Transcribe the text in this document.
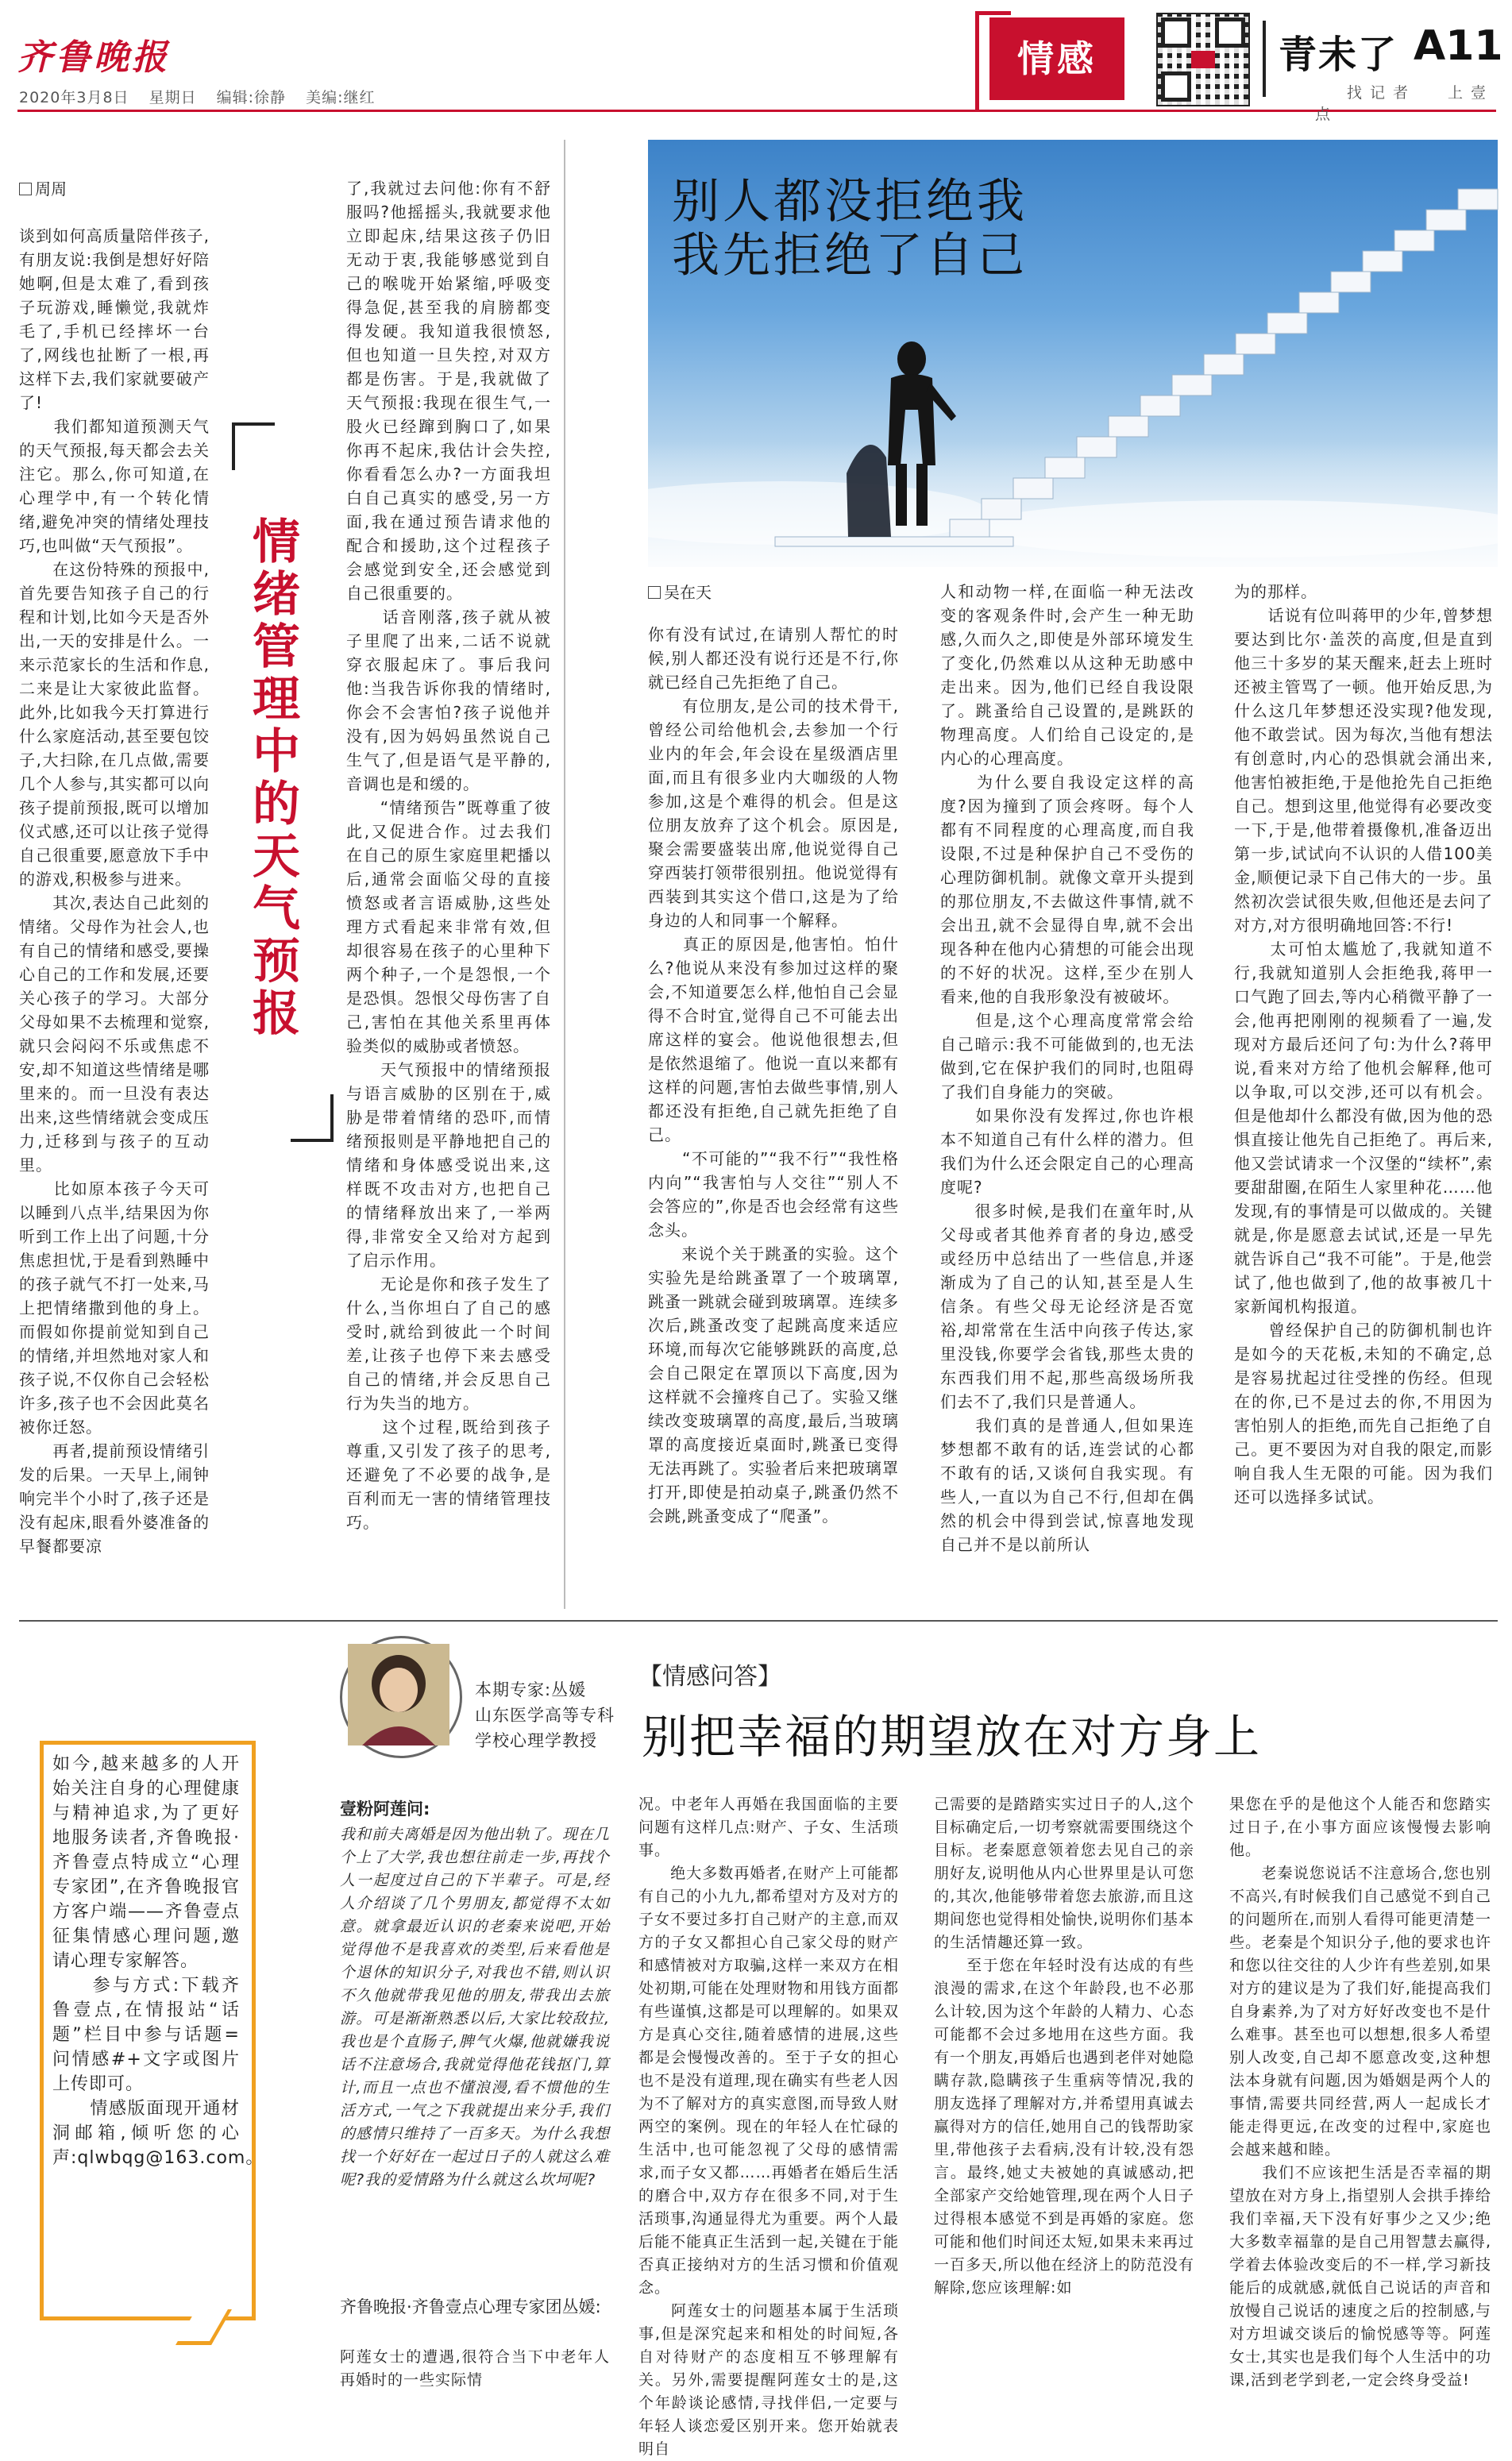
齐鲁晚报
2020年3月8日 星期日 编辑:徐静 美编:继红
情感	青未了 A11
找记者 上壹点
周周

谈到如何高质量陪伴孩子,有朋友说:我倒是想好好陪她啊,但是太难了,看到孩子玩游戏,睡懒觉,我就炸毛了,手机已经摔坏一台了,网线也扯断了一根,再这样下去,我们家就要破产了!
　　我们都知道预测天气的天气预报,每天都会去关注它。那么,你可知道,在心理学中,有一个转化情绪,避免冲突的情绪处理技巧,也叫做“天气预报”。
　　在这份特殊的预报中,首先要告知孩子自己的行程和计划,比如今天是否外出,一天的安排是什么。一来示范家长的生活和作息,二来是让大家彼此监督。此外,比如我今天打算进行什么家庭活动,甚至要包饺子,大扫除,在几点做,需要几个人参与,其实都可以向孩子提前预报,既可以增加仪式感,还可以让孩子觉得自己很重要,愿意放下手中的游戏,积极参与进来。
　　其次,表达自己此刻的情绪。父母作为社会人,也有自己的情绪和感受,要操心自己的工作和发展,还要关心孩子的学习。大部分父母如果不去梳理和觉察,就只会闷闷不乐或焦虑不安,却不知道这些情绪是哪里来的。而一旦没有表达出来,这些情绪就会变成压力,迁移到与孩子的互动里。
　　比如原本孩子今天可以睡到八点半,结果因为你听到工作上出了问题,十分焦虑担忧,于是看到熟睡中的孩子就气不打一处来,马上把情绪撒到他的身上。而假如你提前觉知到自己的情绪,并坦然地对家人和孩子说,不仅你自己会轻松许多,孩子也不会因此莫名被你迁怒。
　　再者,提前预设情绪引发的后果。一天早上,闹钟响完半个小时了,孩子还是没有起床,眼看外婆准备的早餐都要凉

情绪管理中的天气预报

了,我就过去问他:你有不舒服吗?他摇摇头,我就要求他立即起床,结果这孩子仍旧无动于衷,我能够感觉到自己的喉咙开始紧缩,呼吸变得急促,甚至我的肩膀都变得发硬。我知道我很愤怒,但也知道一旦失控,对双方都是伤害。于是,我就做了天气预报:我现在很生气,一股火已经蹿到胸口了,如果你再不起床,我估计会失控,你看看怎么办?一方面我坦白自己真实的感受,另一方面,我在通过预告请求他的配合和援助,这个过程孩子会感觉到安全,还会感觉到自己很重要的。
　　话音刚落,孩子就从被子里爬了出来,二话不说就穿衣服起床了。事后我问他:当我告诉你我的情绪时,你会不会害怕?孩子说他并没有,因为妈妈虽然说自己生气了,但是语气是平静的,音调也是和缓的。
　　“情绪预告”既尊重了彼此,又促进合作。过去我们在自己的原生家庭里耙播以后,通常会面临父母的直接愤怒或者言语威胁,这些处理方式看起来非常有效,但却很容易在孩子的心里种下两个种子,一个是怨恨,一个是恐惧。怨恨父母伤害了自己,害怕在其他关系里再体验类似的威胁或者愤怒。
　　天气预报中的情绪预报与语言威胁的区别在于,威胁是带着情绪的恐吓,而情绪预报则是平静地把自己的情绪和身体感受说出来,这样既不攻击对方,也把自己的情绪释放出来了,一举两得,非常安全又给对方起到了启示作用。
　　无论是你和孩子发生了什么,当你坦白了自己的感受时,就给到彼此一个时间差,让孩子也停下来去感受自己的情绪,并会反思自己行为失当的地方。
　　这个过程,既给到孩子尊重,又引发了孩子的思考,还避免了不必要的战争,是百利而无一害的情绪管理技巧。

别人都没拒绝我
我先拒绝了自己
吴在天

你有没有试过,在请别人帮忙的时候,别人都还没有说行还是不行,你就已经自己先拒绝了自己。
　　有位朋友,是公司的技术骨干,曾经公司给他机会,去参加一个行业内的年会,年会设在星级酒店里面,而且有很多业内大咖级的人物参加,这是个难得的机会。但是这位朋友放弃了这个机会。原因是,聚会需要盛装出席,他说觉得自己穿西装打领带很别扭。他说觉得有西装到其实这个借口,这是为了给身边的人和同事一个解释。
　　真正的原因是,他害怕。怕什么?他说从来没有参加过这样的聚会,不知道要怎么样,他怕自己会显得不合时宜,觉得自己不可能去出席这样的宴会。他说他很想去,但是依然退缩了。他说一直以来都有这样的问题,害怕去做些事情,别人都还没有拒绝,自己就先拒绝了自己。
　　“不可能的”“我不行”“我性格内向”“我害怕与人交往”“别人不会答应的”,你是否也会经常有这些念头。
　　来说个关于跳蚤的实验。这个实验先是给跳蚤罩了一个玻璃罩,跳蚤一跳就会碰到玻璃罩。连续多次后,跳蚤改变了起跳高度来适应环境,而每次它能够跳跃的高度,总会自己限定在罩顶以下高度,因为这样就不会撞疼自己了。实验又继续改变玻璃罩的高度,最后,当玻璃罩的高度接近桌面时,跳蚤已变得无法再跳了。实验者后来把玻璃罩打开,即使是拍动桌子,跳蚤仍然不会跳,跳蚤变成了“爬蚤”。

人和动物一样,在面临一种无法改变的客观条件时,会产生一种无助感,久而久之,即使是外部环境发生了变化,仍然难以从这种无助感中走出来。因为,他们已经自我设限了。跳蚤给自己设置的,是跳跃的物理高度。人们给自己设定的,是内心的心理高度。
　　为什么要自我设定这样的高度?因为撞到了顶会疼呀。每个人都有不同程度的心理高度,而自我设限,不过是种保护自己不受伤的心理防御机制。就像文章开头提到的那位朋友,不去做这件事情,就不会出丑,就不会显得自卑,就不会出现各种在他内心猜想的可能会出现的不好的状况。这样,至少在别人看来,他的自我形象没有被破坏。
　　但是,这个心理高度常常会给自己暗示:我不可能做到的,也无法做到,它在保护我们的同时,也阻碍了我们自身能力的突破。
　　如果你没有发挥过,你也许根本不知道自己有什么样的潜力。但我们为什么还会限定自己的心理高度呢?
　　很多时候,是我们在童年时,从父母或者其他养育者的身边,感受或经历中总结出了一些信息,并逐渐成为了自己的认知,甚至是人生信条。有些父母无论经济是否宽裕,却常常在生活中向孩子传达,家里没钱,你要学会省钱,那些太贵的东西我们用不起,那些高级场所我们去不了,我们只是普通人。
　　我们真的是普通人,但如果连梦想都不敢有的话,连尝试的心都不敢有的话,又谈何自我实现。有些人,一直以为自己不行,但却在偶然的机会中得到尝试,惊喜地发现自己并不是以前所认

为的那样。
　　话说有位叫蒋甲的少年,曾梦想要达到比尔·盖茨的高度,但是直到他三十多岁的某天醒来,赶去上班时还被主管骂了一顿。他开始反思,为什么这几年梦想还没实现?他发现,他不敢尝试。因为每次,当他有想法有创意时,内心的恐惧就会涌出来,他害怕被拒绝,于是他抢先自己拒绝自己。想到这里,他觉得有必要改变一下,于是,他带着摄像机,准备迈出第一步,试试向不认识的人借100美金,顺便记录下自己伟大的一步。虽然初次尝试很失败,但他还是去问了对方,对方很明确地回答:不行!
　　太可怕太尴尬了,我就知道不行,我就知道别人会拒绝我,蒋甲一口气跑了回去,等内心稍微平静了一会,他再把刚刚的视频看了一遍,发现对方最后还问了句:为什么?蒋甲说,看来对方给了他机会解释,他可以争取,可以交涉,还可以有机会。但是他却什么都没有做,因为他的恐惧直接让他先自己拒绝了。再后来,他又尝试请求一个汉堡的“续杯”,索要甜甜圈,在陌生人家里种花……他发现,有的事情是可以做成的。关键就是,你是愿意去试试,还是一早先就告诉自己“我不可能”。于是,他尝试了,他也做到了,他的故事被几十家新闻机构报道。
　　曾经保护自己的防御机制也许是如今的天花板,未知的不确定,总是容易扰起过往受挫的伤经。但现在的你,已不是过去的你,不用因为害怕别人的拒绝,而先自己拒绝了自己。更不要因为对自我的限定,而影响自我人生无限的可能。因为我们还可以选择多试试。

本期专家:丛媛
山东医学高等专科
学校心理学教授
【情感问答】
别把幸福的期望放在对方身上

如今,越来越多的人开始关注自身的心理健康与精神追求,为了更好地服务读者,齐鲁晚报·齐鲁壹点特成立“心理专家团”,在齐鲁晚报官方客户端——齐鲁壹点征集情感心理问题,邀请心理专家解答。
　　参与方式:下载齐鲁壹点,在情报站“话题”栏目中参与话题=问情感#+文字或图片上传即可。
　　情感版面现开通材洞邮箱,倾听您的心声:qlwbqg@163.com。

壹粉阿莲问:

我和前夫离婚是因为他出轨了。现在几个上了大学,我也想往前走一步,再找个人一起度过自己的下半辈子。可是,经人介绍谈了几个男朋友,都觉得不太如意。就拿最近认识的老秦来说吧,开始觉得他不是我喜欢的类型,后来看他是个退休的知识分子,对我也不错,则认识不久他就带我见他的朋友,带我出去旅游。可是渐渐熟悉以后,大家比较敌拉,我也是个直肠子,脾气火爆,他就嫌我说话不注意场合,我就觉得他花钱抠门,算计,而且一点也不懂浪漫,看不惯他的生活方式,一气之下我就提出来分手,我们的感情只维持了一百多天。为什么我想找一个好好在一起过日子的人就这么难呢?我的爱情路为什么就这么坎坷呢?

齐鲁晚报·齐鲁壹点心理专家团丛媛:

阿莲女士的遭遇,很符合当下中老年人再婚时的一些实际情

况。中老年人再婚在我国面临的主要问题有这样几点:财产、子女、生活琐事。
　　绝大多数再婚者,在财产上可能都有自己的小九九,都希望对方及对方的子女不要过多打自己财产的主意,而双方的子女又都担心自己家父母的财产和感情被对方取骗,这样一来双方在相处初期,可能在处理财物和用钱方面都有些谨慎,这都是可以理解的。如果双方是真心交往,随着感情的进展,这些都是会慢慢改善的。至于子女的担心也不是没有道理,现在确实有些老人因为不了解对方的真实意图,而导致人财两空的案例。现在的年轻人在忙碌的生活中,也可能忽视了父母的感情需求,而子女又都……再婚者在婚后生活的磨合中,双方存在很多不同,对于生活琐事,沟通显得尤为重要。两个人最后能不能真正生活到一起,关键在于能否真正接纳对方的生活习惯和价值观念。
　　阿莲女士的问题基本属于生活琐事,但是深究起来和相处的时间短,各自对待财产的态度相互不够理解有关。另外,需要提醒阿莲女士的是,这个年龄谈论感情,寻找伴侣,一定要与年轻人谈恋爱区别开来。您开始就表明自

己需要的是踏踏实实过日子的人,这个目标确定后,一切考察就需要围绕这个目标。老秦愿意领着您去见自己的亲朋好友,说明他从内心世界里是认可您的,其次,他能够带着您去旅游,而且这期间您也觉得相处愉快,说明你们基本的生活情趣还算一致。
　　至于您在年轻时没有达成的有些浪漫的需求,在这个年龄段,也不必那么计较,因为这个年龄的人精力、心态可能都不会过多地用在这些方面。我有一个朋友,再婚后也遇到老伴对她隐瞒存款,隐瞒孩子生重病等情况,我的朋友选择了理解对方,并希望用真诚去赢得对方的信任,她用自己的钱帮助家里,带他孩子去看病,没有计较,没有怨言。最终,她丈夫被她的真诚感动,把全部家产交给她管理,现在两个人日子过得根本感觉不到是再婚的家庭。您可能和他们时间还太短,如果未来再过一百多天,所以他在经济上的防范没有解除,您应该理解:如

果您在乎的是他这个人能否和您踏实过日子,在小事方面应该慢慢去影响他。
　　老秦说您说话不注意场合,您也别不高兴,有时候我们自己感觉不到自己的问题所在,而别人看得可能更清楚一些。老秦是个知识分子,他的要求也许和您以往交往的人少许有些差别,如果对方的建议是为了我们好,能提高我们自身素养,为了对方好好改变也不是什么难事。甚至也可以想想,很多人希望别人改变,自己却不愿意改变,这种想法本身就有问题,因为婚姻是两个人的事情,需要共同经营,两人一起成长才能走得更远,在改变的过程中,家庭也会越来越和睦。
　　我们不应该把生活是否幸福的期望放在对方身上,指望别人会拱手捧给我们幸福,天下没有好事少之又少;绝大多数幸福靠的是自己用智慧去赢得,学着去体验改变后的不一样,学习新技能后的成就感,就低自己说话的声音和放慢自己说话的速度之后的控制感,与对方坦诚交谈后的愉悦感等等。阿莲女士,其实也是我们每个人生活中的功课,活到老学到老,一定会终身受益!
